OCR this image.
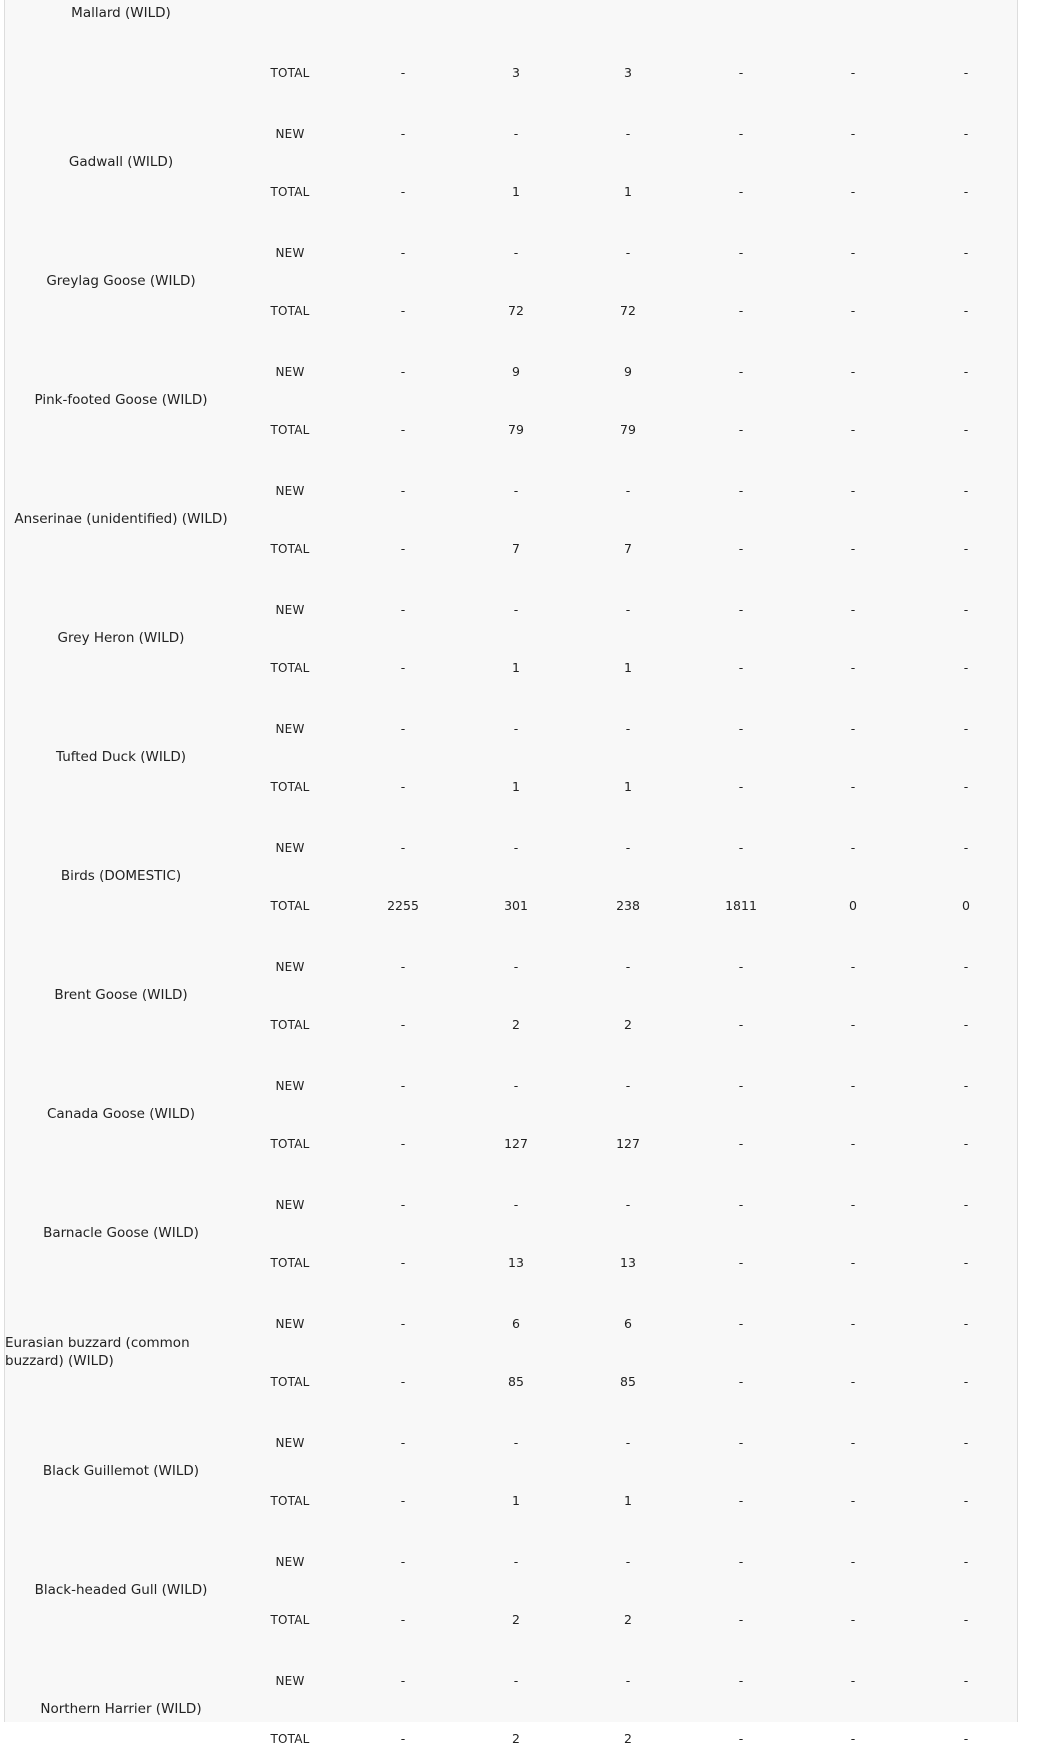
Mallard (WILD)
TOTAL	-	3	3	-	-	-
Gadwall (WILD)
NEW	-	-	-	-	-	-
TOTAL	-	1	1	-	-	-
Greylag Goose (WILD)
NEW	-	-	-	-	-	-
TOTAL	-	72	72	-	-	-
Pink-footed Goose (WILD)
NEW	-	9	9	-	-	-
TOTAL	-	79	79	-	-	-
Anserinae (unidentified) (WILD)
NEW	-	-	-	-	-	-
TOTAL	-	7	7	-	-	-
Grey Heron (WILD)
NEW	-	-	-	-	-	-
TOTAL	-	1	1	-	-	-
Tufted Duck (WILD)
NEW	-	-	-	-	-	-
TOTAL	-	1	1	-	-	-
Birds (DOMESTIC)
NEW	-	-	-	-	-	-
TOTAL	2255	301	238	1811	0	0
Brent Goose (WILD)
NEW	-	-	-	-	-	-
TOTAL	-	2	2	-	-	-
Canada Goose (WILD)
NEW	-	-	-	-	-	-
TOTAL	-	127	127	-	-	-
Barnacle Goose (WILD)
NEW	-	-	-	-	-	-
TOTAL	-	13	13	-	-	-
Eurasian buzzard (common buzzard) (WILD)
NEW	-	6	6	-	-	-
TOTAL	-	85	85	-	-	-
Black Guillemot (WILD)
NEW	-	-	-	-	-	-
TOTAL	-	1	1	-	-	-
Black-headed Gull (WILD)
NEW	-	-	-	-	-	-
TOTAL	-	2	2	-	-	-
Northern Harrier (WILD)
NEW	-	-	-	-	-	-
TOTAL	-	2	2	-	-	-
